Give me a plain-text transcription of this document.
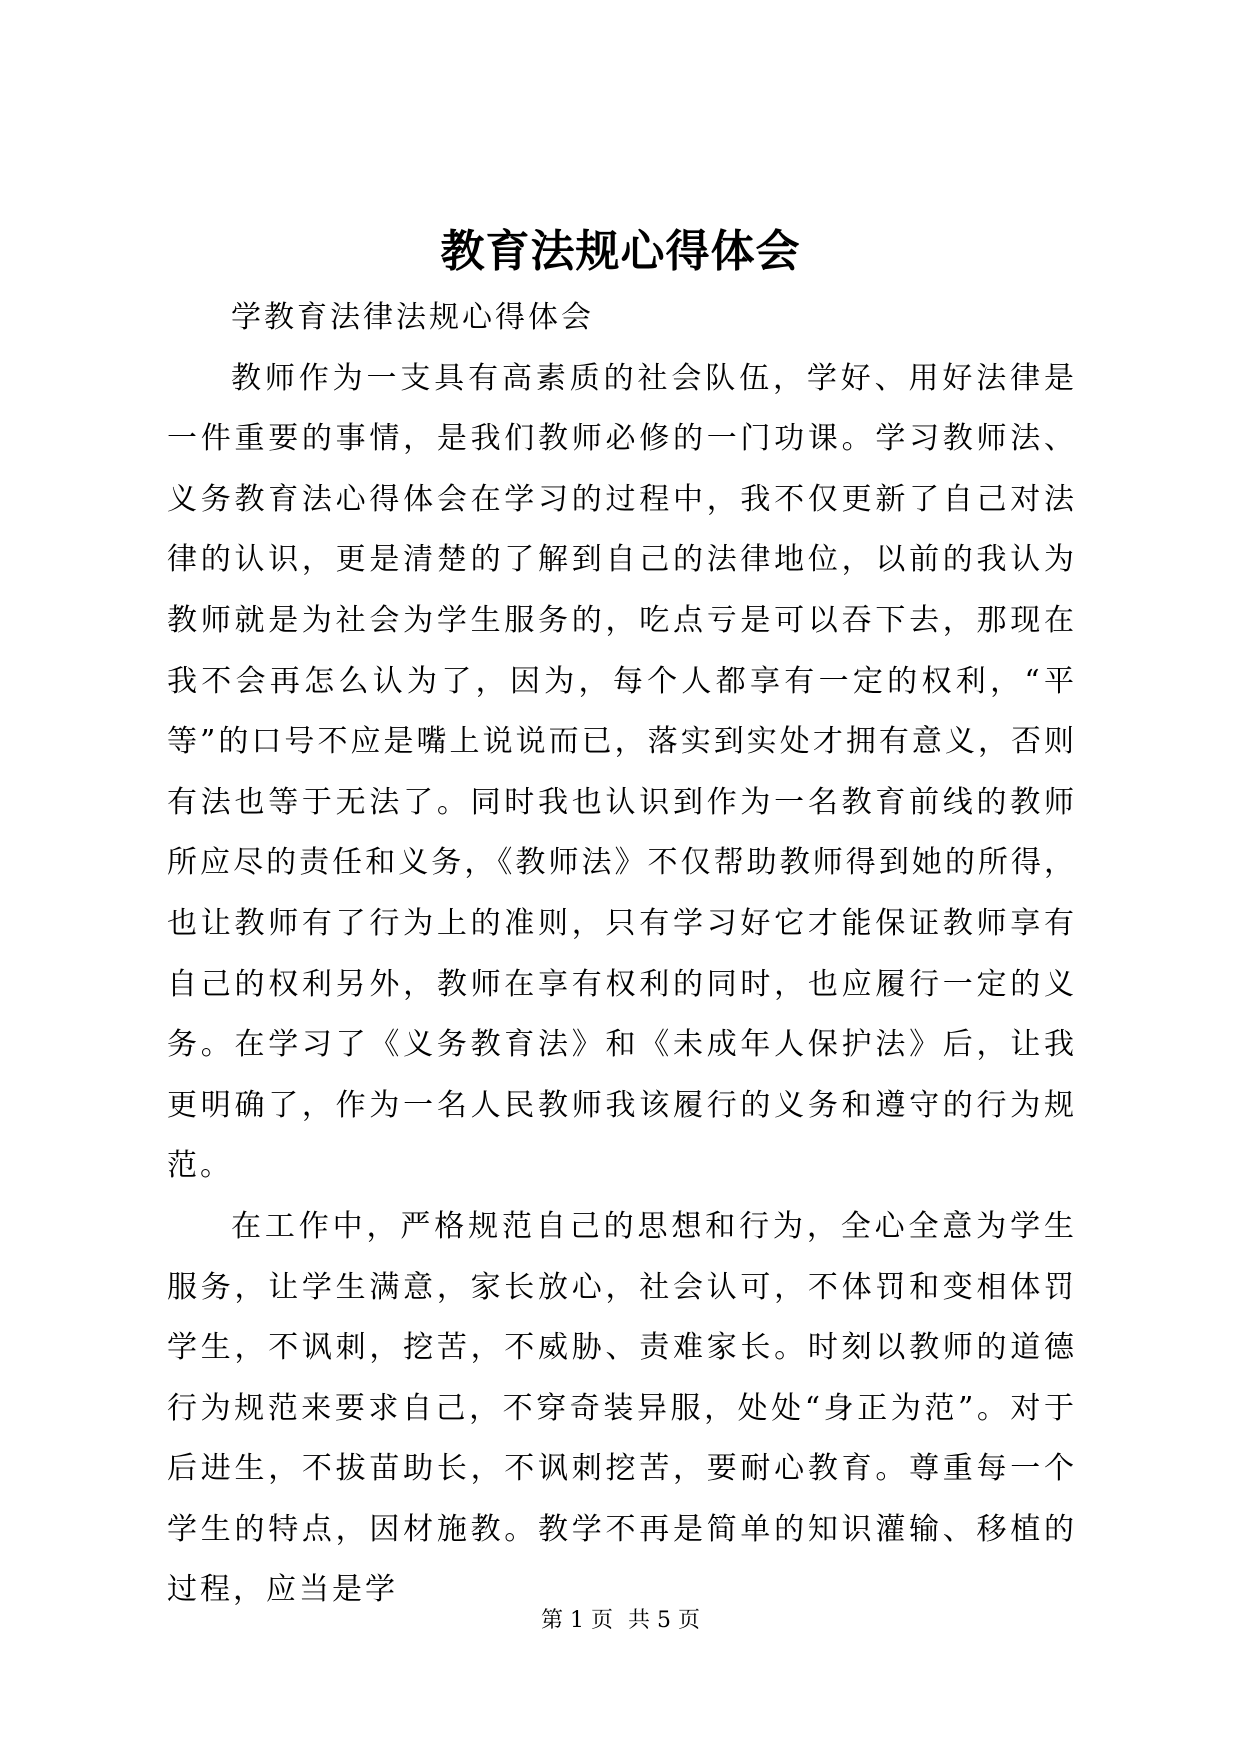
教育法规心得体会

学教育法律法规心得体会

教师作为一支具有高素质的社会队伍，学好、用好法律是一件重要的事情，是我们教师必修的一门功课。学习教师法、义务教育法心得体会在学习的过程中，我不仅更新了自己对法律的认识，更是清楚的了解到自己的法律地位，以前的我认为教师就是为社会为学生服务的，吃点亏是可以吞下去，那现在我不会再怎么认为了，因为，每个人都享有一定的权利，“平等”的口号不应是嘴上说说而已，落实到实处才拥有意义，否则有法也等于无法了。同时我也认识到作为一名教育前线的教师所应尽的责任和义务，《教师法》不仅帮助教师得到她的所得，也让教师有了行为上的准则，只有学习好它才能保证教师享有自己的权利另外，教师在享有权利的同时，也应履行一定的义务。在学习了《义务教育法》和《未成年人保护法》后，让我更明确了，作为一名人民教师我该履行的义务和遵守的行为规范。

在工作中，严格规范自己的思想和行为，全心全意为学生服务，让学生满意，家长放心，社会认可，不体罚和变相体罚学生，不讽刺，挖苦，不威胁、责难家长。时刻以教师的道德行为规范来要求自己，不穿奇装异服，处处“身正为范”。对于后进生，不拔苗助长，不讽刺挖苦，要耐心教育。尊重每一个学生的特点，因材施教。教学不再是简单的知识灌输、移植的过程，应当是学

第 1 页 共 5 页
